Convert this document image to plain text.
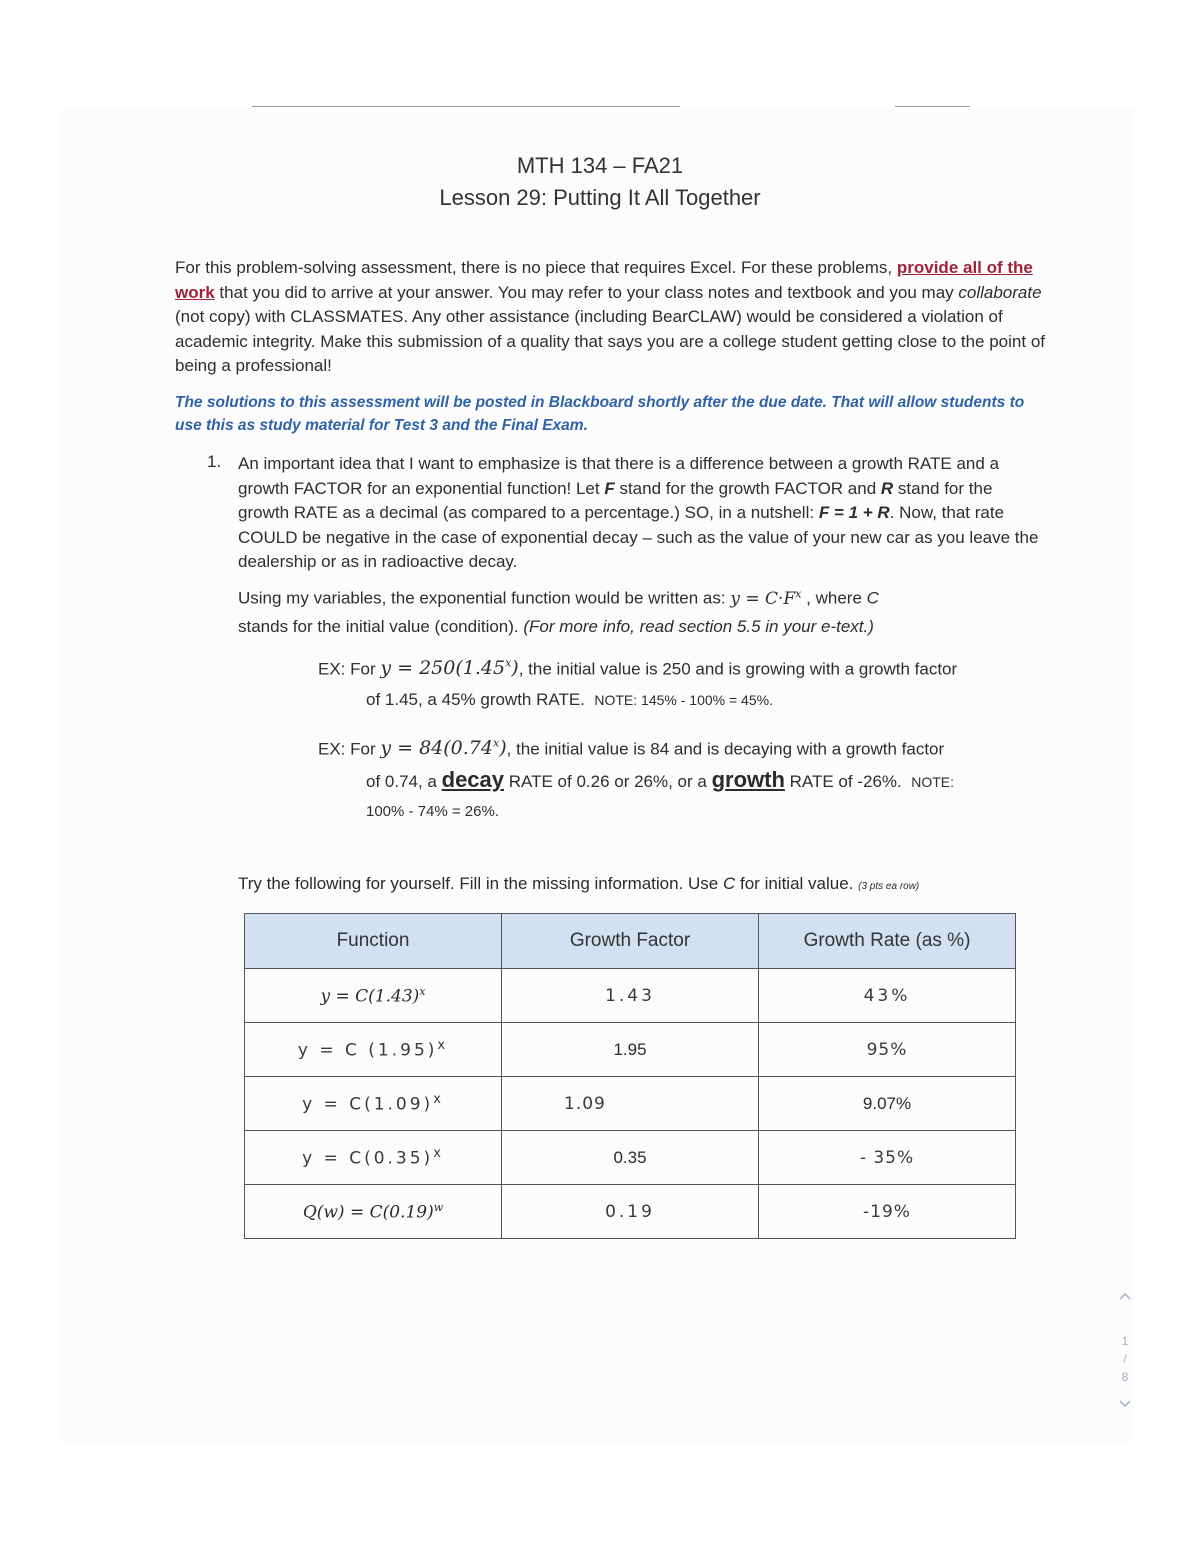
MTH 134 – FA21
Lesson 29: Putting It All Together
For this problem-solving assessment, there is no piece that requires Excel. For these problems, provide all of the work that you did to arrive at your answer. You may refer to your class notes and textbook and you may collaborate (not copy) with CLASSMATES. Any other assistance (including BearCLAW) would be considered a violation of academic integrity. Make this submission of a quality that says you are a college student getting close to the point of being a professional!
The solutions to this assessment will be posted in Blackboard shortly after the due date. That will allow students to use this as study material for Test 3 and the Final Exam.
1. An important idea that I want to emphasize is that there is a difference between a growth RATE and a growth FACTOR for an exponential function! Let F stand for the growth FACTOR and R stand for the growth RATE as a decimal (as compared to a percentage.) SO, in a nutshell: F = 1 + R. Now, that rate COULD be negative in the case of exponential decay – such as the value of your new car as you leave the dealership or as in radioactive decay.
Using my variables, the exponential function would be written as: $y = C\cdot F^x$ , where C
stands for the initial value (condition). (For more info, read section 5.5 in your e-text.)
EX: For $y = 250(1.45^x)$, the initial value is 250 and is growing with a growth factor
of 1.45, a 45% growth RATE. NOTE: 145% - 100% = 45%.
EX: For $y = 84(0.74^x)$, the initial value is 84 and is decaying with a growth factor
of 0.74, a decay RATE of 0.26 or 26%, or a growth RATE of -26%. NOTE:
100% - 74% = 26%.
Try the following for yourself. Fill in the missing information. Use C for initial value. (3 pts ea row)
Function	Growth Factor	Growth Rate (as %)
$y = C(1.43)^x$	1.43	43%
y = C $(1.95)^x$	1.95	95%
$y = C(1.09)^x$	1.09	9.07%
$y = C(0.35)^x$	0.35	- 35%
$Q(w) = C(0.19)^w$	0.19	-19%
1
/
8
